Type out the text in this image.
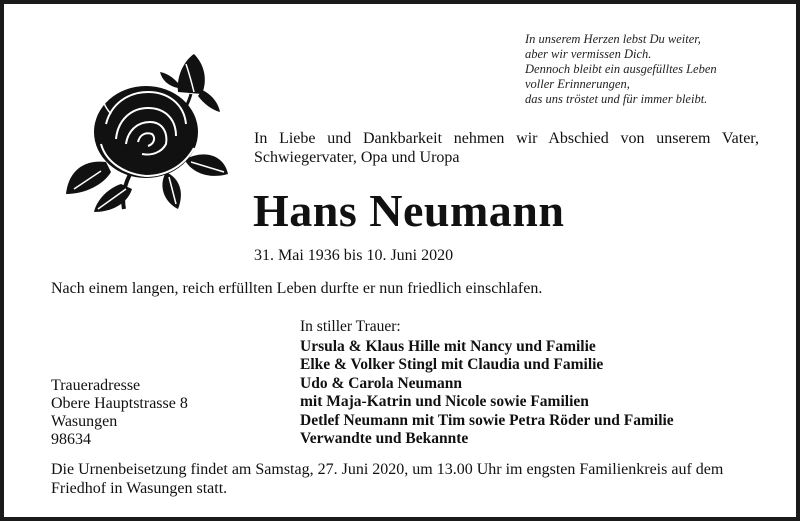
In unserem Herzen lebst Du weiter,
aber wir vermissen Dich.
Dennoch bleibt ein ausgefülltes Leben
voller Erinnerungen,
das uns tröstet und für immer bleibt.
In Liebe und Dankbarkeit nehmen wir Abschied von unserem Vater, Schwiegervater, Opa und Uropa
Hans Neumann
31. Mai 1936 bis 10. Juni 2020
Nach einem langen, reich erfüllten Leben durfte er nun friedlich einschlafen.
In stiller Trauer:
Ursula & Klaus Hille mit Nancy und Familie
Elke & Volker Stingl mit Claudia und Familie
Udo & Carola Neumann
mit Maja-Katrin und Nicole sowie Familien
Detlef Neumann mit Tim sowie Petra Röder und Familie
Verwandte und Bekannte
Traueradresse
Obere Hauptstrasse 8
Wasungen
98634
Die Urnenbeisetzung findet am Samstag, 27. Juni 2020, um 13.00 Uhr im engsten Familienkreis auf dem Friedhof in Wasungen statt.
